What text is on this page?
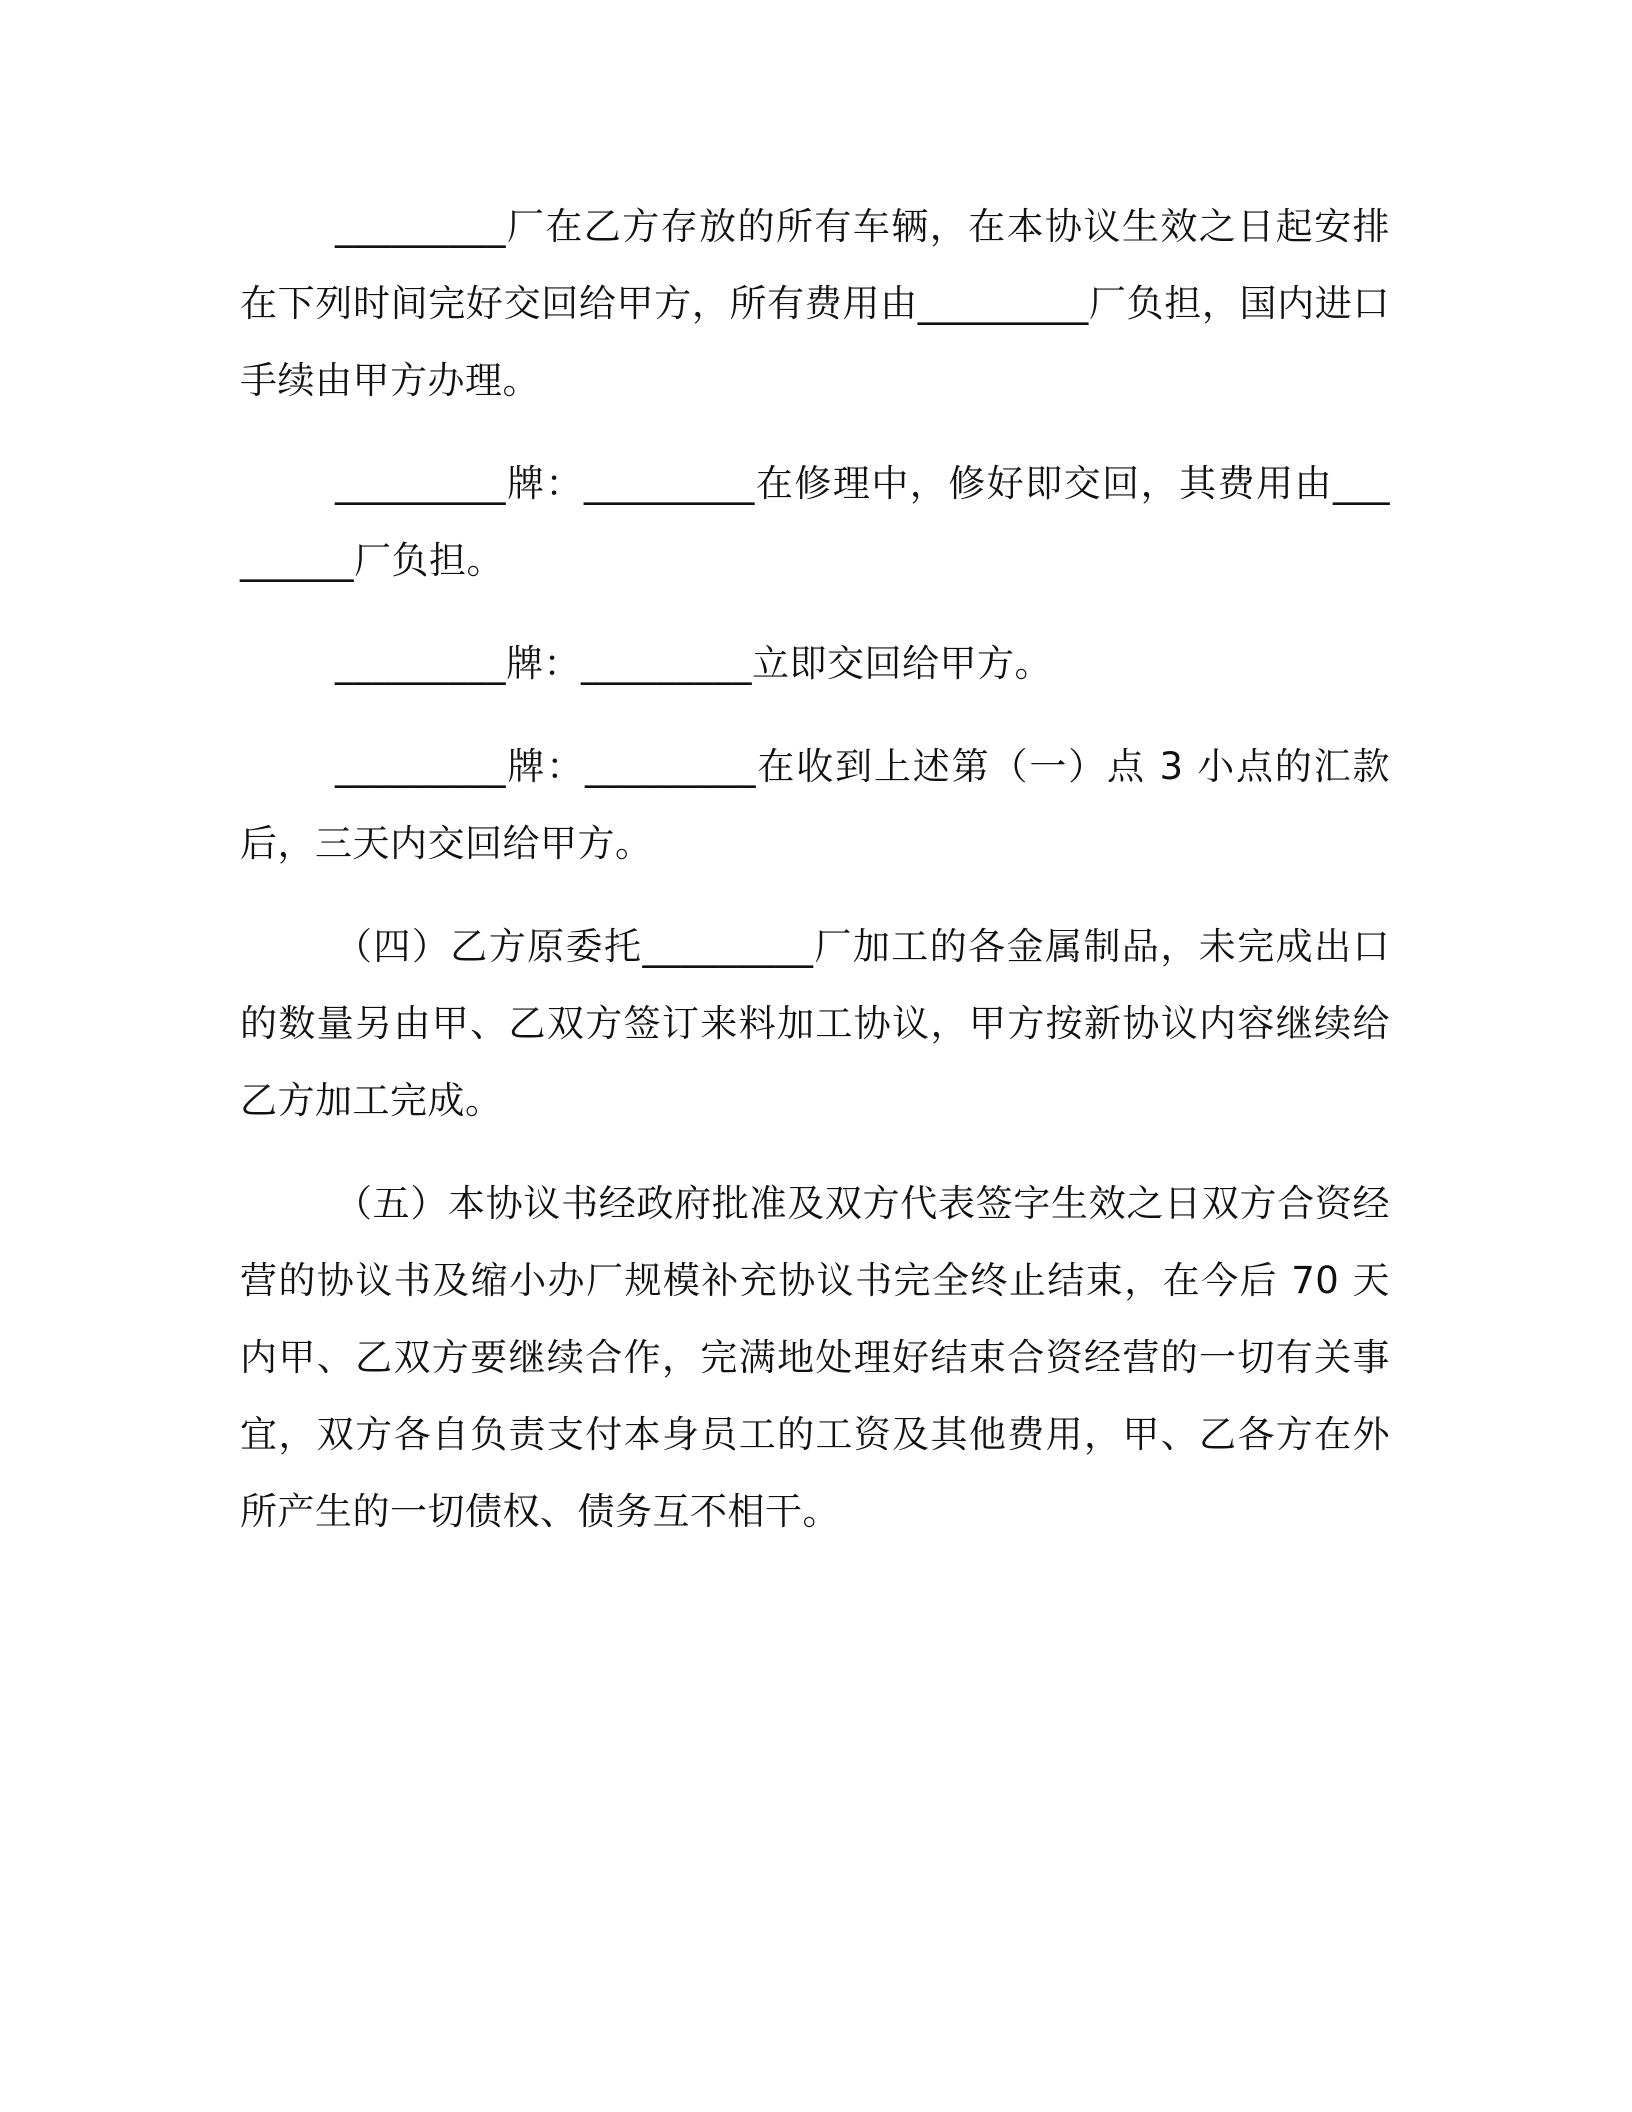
_________厂在乙方存放的所有车辆，在本协议生效之日起安排在下列时间完好交回给甲方，所有费用由_________厂负担，国内进口手续由甲方办理。

_________牌：_________在修理中，修好即交回，其费用由_________厂负担。

_________牌：_________立即交回给甲方。

_________牌：_________在收到上述第（一）点 3 小点的汇款后，三天内交回给甲方。

（四）乙方原委托_________厂加工的各金属制品，未完成出口的数量另由甲、乙双方签订来料加工协议，甲方按新协议内容继续给乙方加工完成。

（五）本协议书经政府批准及双方代表签字生效之日双方合资经营的协议书及缩小办厂规模补充协议书完全终止结束，在今后 70 天内甲、乙双方要继续合作，完满地处理好结束合资经营的一切有关事宜，双方各自负责支付本身员工的工资及其他费用，甲、乙各方在外所产生的一切债权、债务互不相干。
